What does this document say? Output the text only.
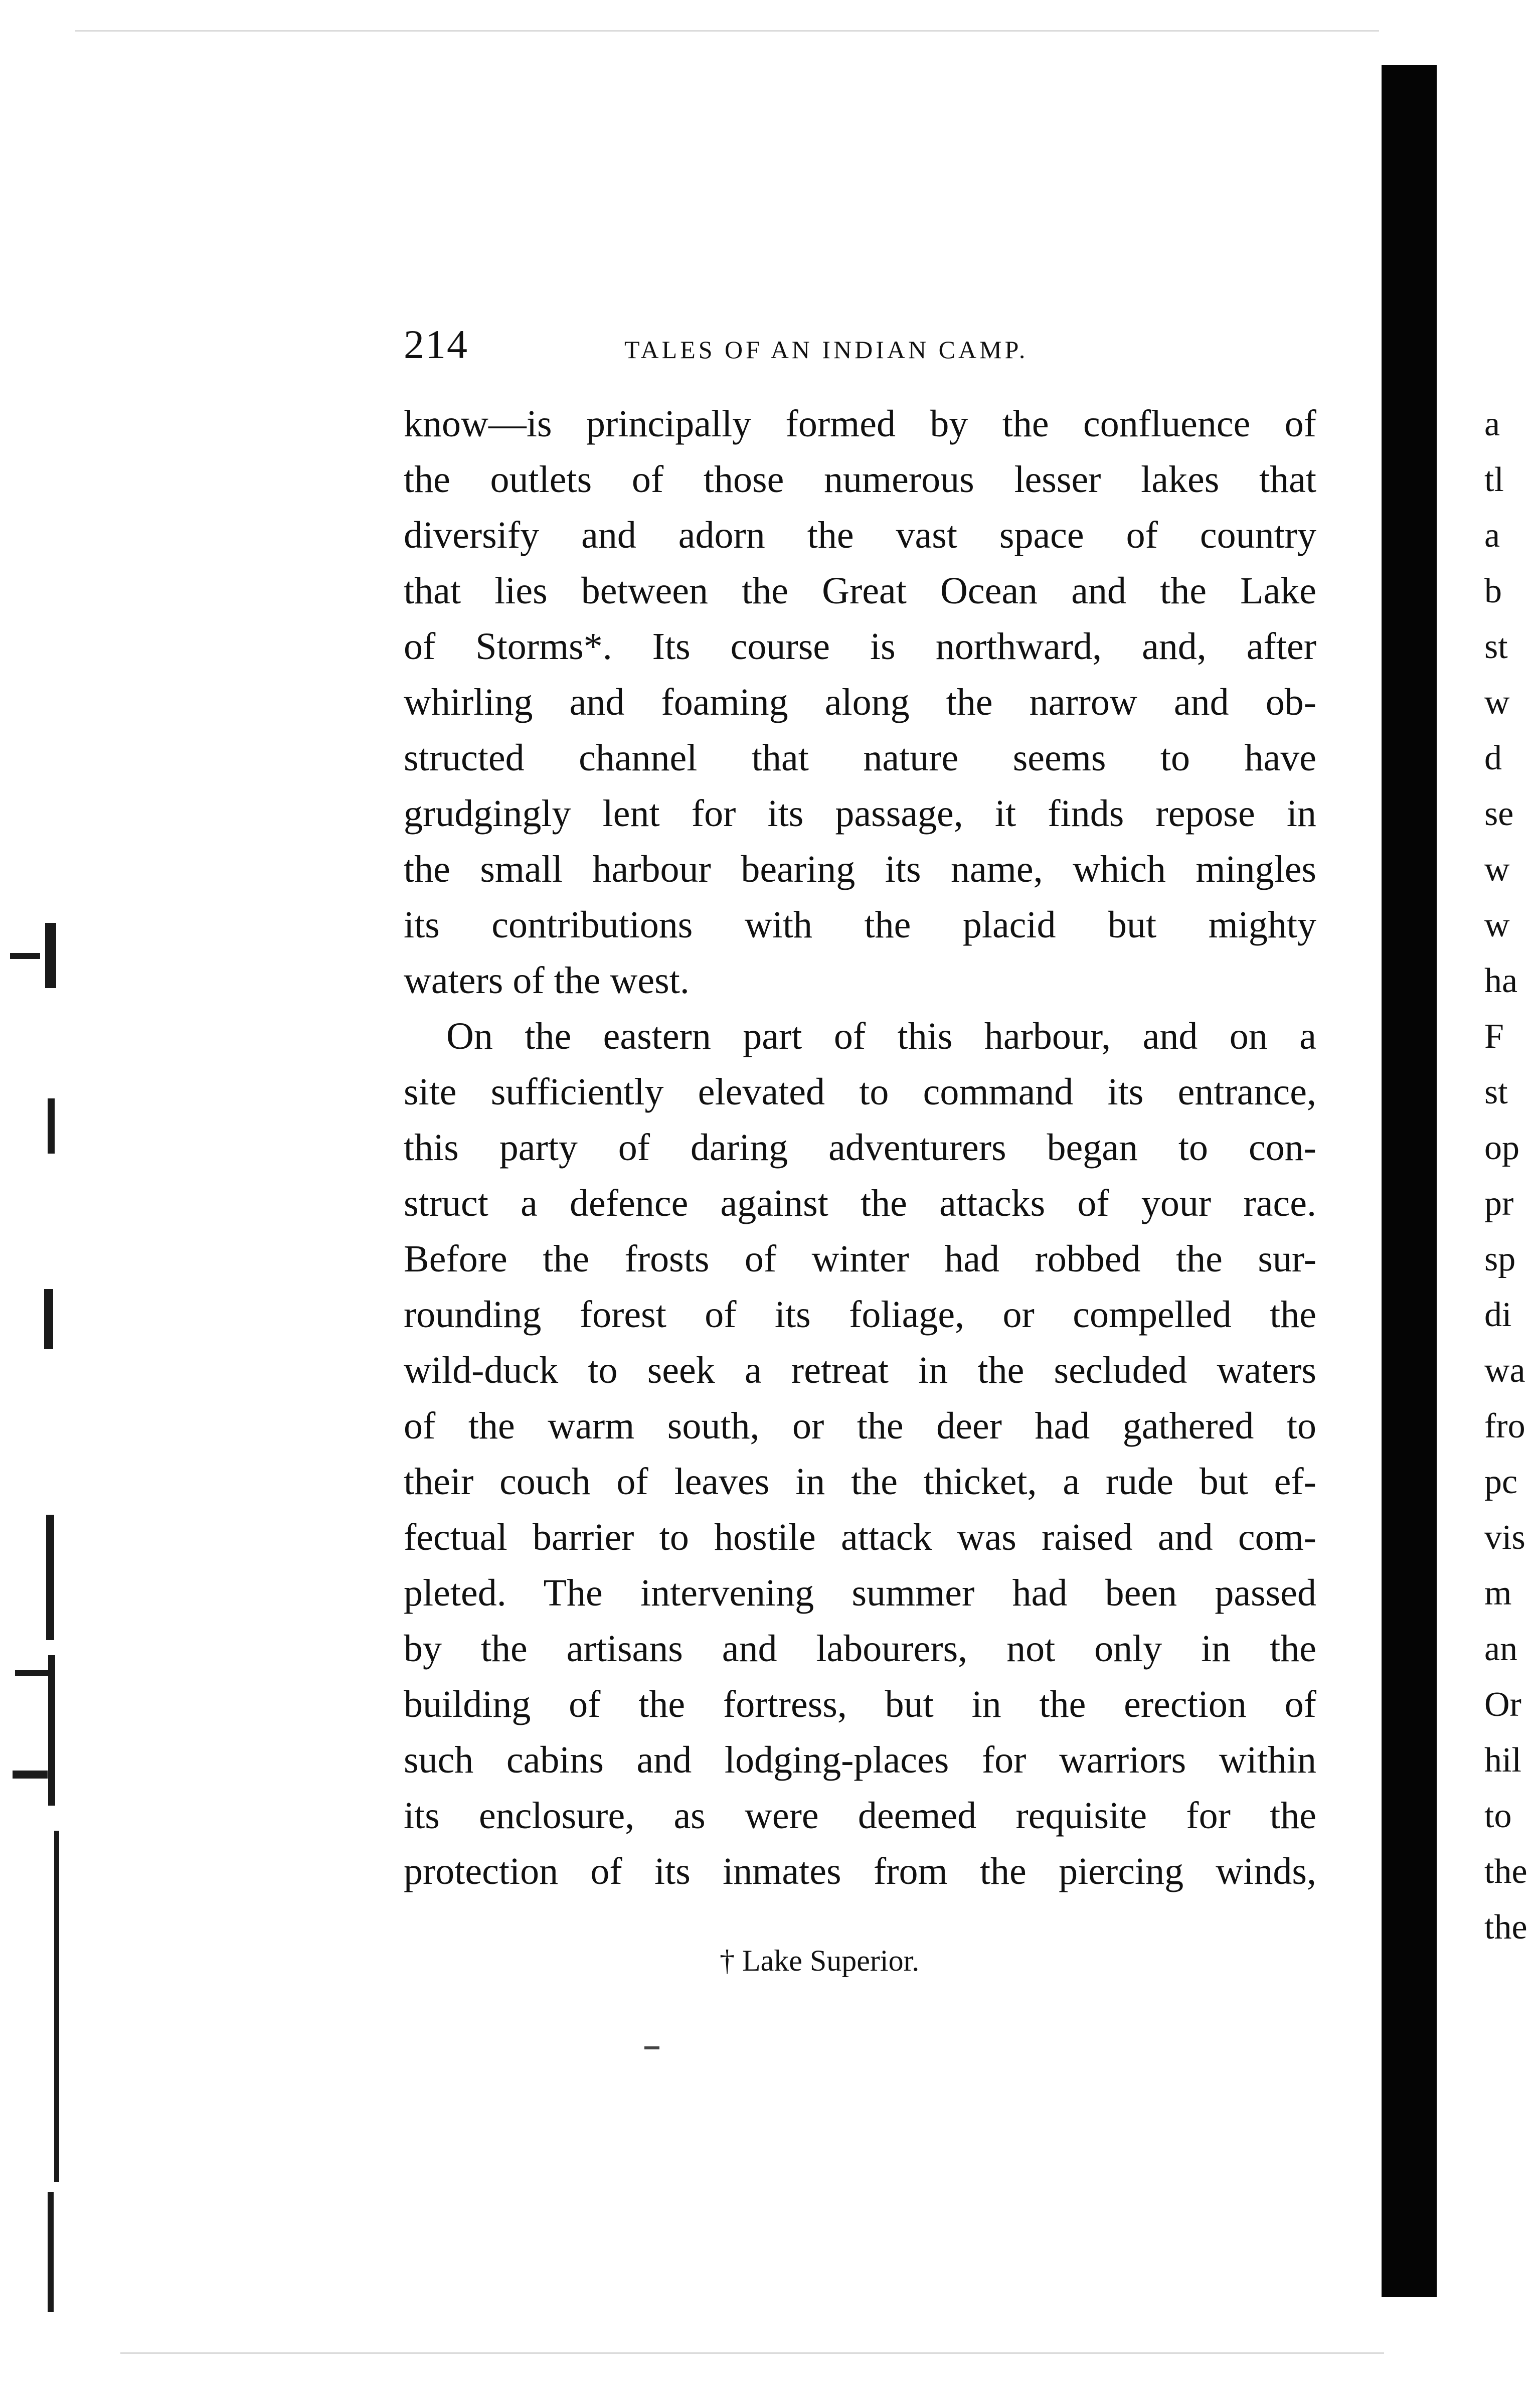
214	TALES OF AN INDIAN CAMP.
know—is principally formed by the confluence of
the outlets of those numerous lesser lakes that
diversify and adorn the vast space of country
that lies between the Great Ocean and the Lake
of Storms*. Its course is northward, and, after
whirling and foaming along the narrow and ob-
structed channel that nature seems to have
grudgingly lent for its passage, it finds repose in
the small harbour bearing its name, which mingles
its contributions with the placid but mighty
waters of the west.
On the eastern part of this harbour, and on a
site sufficiently elevated to command its entrance,
this party of daring adventurers began to con-
struct a defence against the attacks of your race.
Before the frosts of winter had robbed the sur-
rounding forest of its foliage, or compelled the
wild-duck to seek a retreat in the secluded waters
of the warm south, or the deer had gathered to
their couch of leaves in the thicket, a rude but ef-
fectual barrier to hostile attack was raised and com-
pleted. The intervening summer had been passed
by the artisans and labourers, not only in the
building of the fortress, but in the erection of
such cabins and lodging-places for warriors within
its enclosure, as were deemed requisite for the
protection of its inmates from the piercing winds,
† Lake Superior.
a
tl
a
b
st
w
d
se
w
w
ha
F
st
op
pr
sp
di
wa
fro
pc
vis
m
an
Or
hil
to
the
the
